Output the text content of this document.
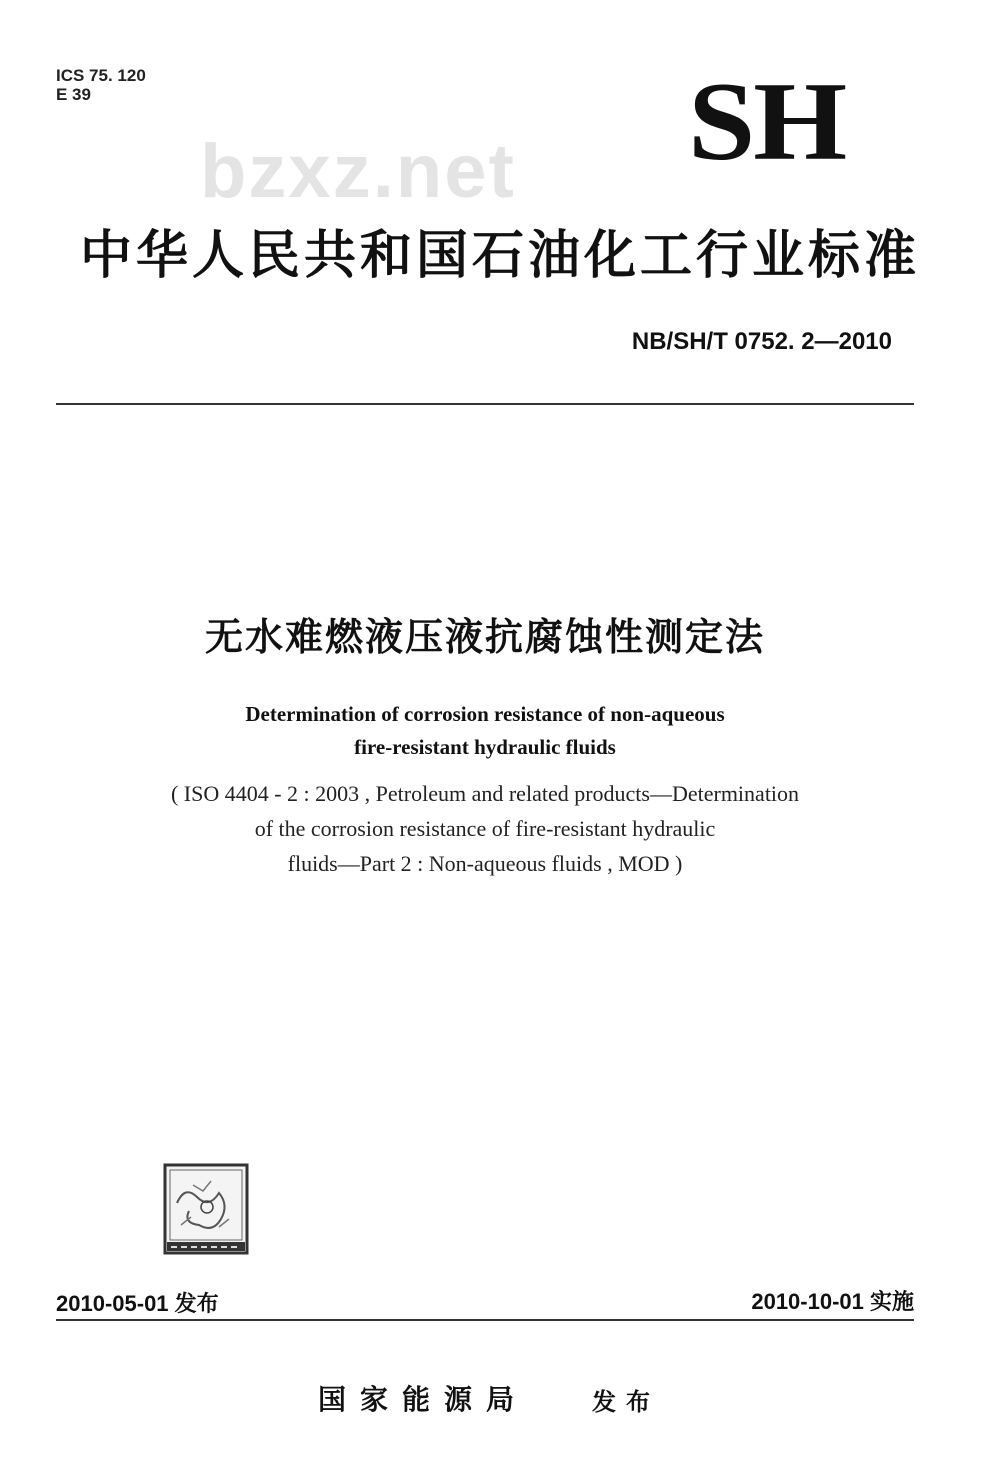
ICS 75. 120
E 39
bzxz.net SH
中华人民共和国石油化工行业标准
NB/SH/T 0752. 2—2010
无水难燃液压液抗腐蚀性测定法
Determination of corrosion resistance of non-aqueous
fire-resistant hydraulic fluids
( ISO 4404 - 2 : 2003 , Petroleum and related products—Determination
of the corrosion resistance of fire-resistant hydraulic
fluids—Part 2 : Non-aqueous fluids , MOD )
2010-05-01 发布	2010-10-01 实施
国家能源局	发布
